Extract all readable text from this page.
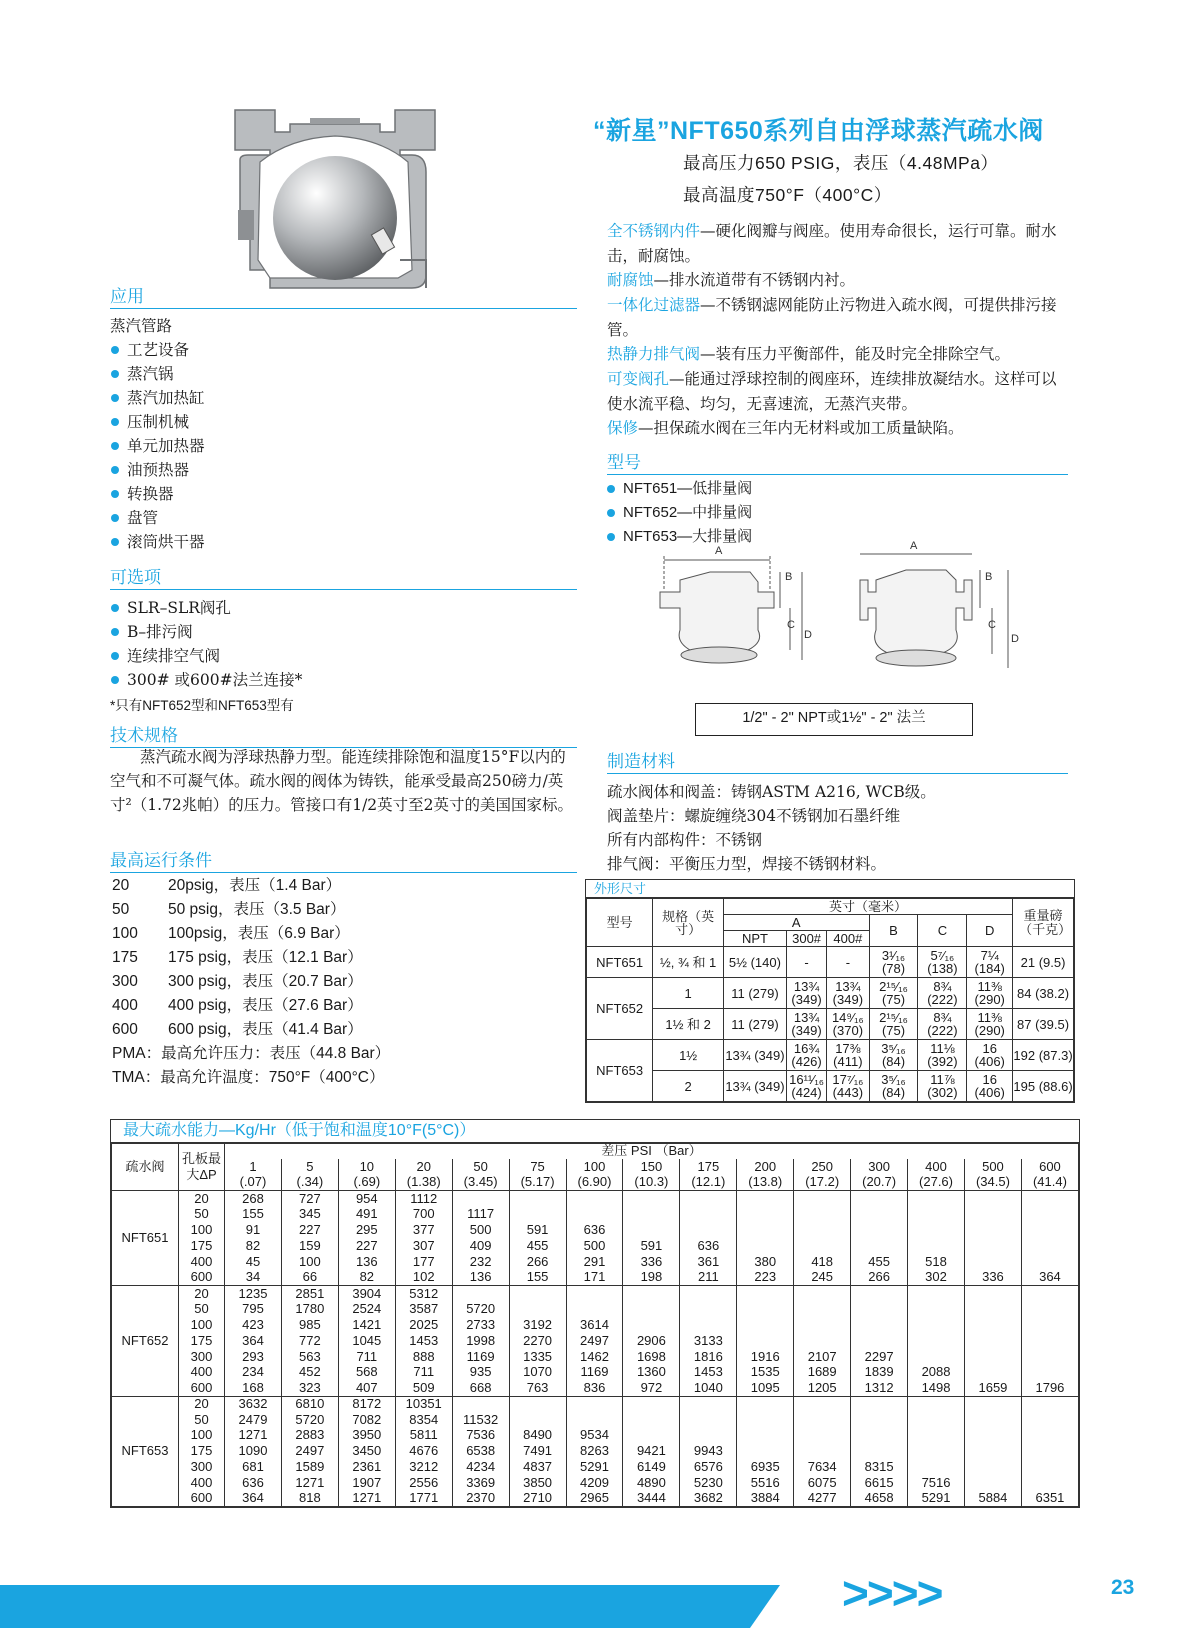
“新星”NFT650系列自由浮球蒸汽疏水阀
最高压力650 PSIG，表压（4.48MPa）
最高温度750°F（400°C）
全不锈钢内件—硬化阀瓣与阀座。使用寿命很长，运行可靠。耐水击，耐腐蚀。
耐腐蚀—排水流道带有不锈钢内衬。
一体化过滤器—不锈钢滤网能防止污物进入疏水阀，可提供排污接管。
热静力排气阀—装有压力平衡部件，能及时完全排除空气。
可变阀孔—能通过浮球控制的阀座环，连续排放凝结水。这样可以使水流平稳、均匀，无喜速流，无蒸汽夹带。
保修—担保疏水阀在三年内无材料或加工质量缺陷。
型号
NFT651—低排量阀
NFT652—中排量阀
NFT653—大排量阀
A	A
B
C
D
B
C
D
1/2" - 2" NPT或1½" - 2" 法兰
制造材料
疏水阀体和阀盖：铸钢ASTM A216, WCB级。
阀盖垫片：螺旋缠绕304不锈钢加石墨纤维
所有内部构件：不锈钢
排气阀：平衡压力型，焊接不锈钢材料。
应用
蒸汽管路
工艺设备
蒸汽锅
蒸汽加热缸
压制机械
单元加热器
油预热器
转换器
盘管
滚筒烘干器
可选项
SLR–SLR阀孔
B–排污阀
连续排空气阀
300# 或600#法兰连接*
*只有NFT652型和NFT653型有
技术规格
蒸汽疏水阀为浮球热静力型。能连续排除饱和温度15°F以内的空气和不可凝气体。疏水阀的阀体为铸铁，能承受最高250磅力/英寸²（1.72兆帕）的压力。管接口有1/2英寸至2英寸的美国国家标。
最高运行条件
20	20psig，表压（1.4 Bar）
50	50 psig，表压（3.5 Bar）
100 100psig，表压（6.9 Bar）
175 175 psig，表压（12.1 Bar）
300 300 psig，表压（20.7 Bar）
400 400 psig，表压（27.6 Bar）
600 600 psig，表压（41.4 Bar）
PMA：最高允许压力：表压（44.8 Bar）
TMA：最高允许温度：750°F（400°C）
外形尺寸
型号	规格（英寸）	英寸（毫米）						重量磅（千克）
		A			B	C	D	
		NPT	300#	400#				
NFT651	½, ¾ 和 1	5½ (140)	-	-	3¹⁄₁₆ (78)	5⁷⁄₁₆ (138)	7¼ (184)	21 (9.5)
NFT652	1	11 (279)	13¾ (349)	13¾ (349)	2¹⁵⁄₁₆ (75)	8¾ (222)	11⅜ (290)	84 (38.2)
	1½ 和 2	11 (279)	13¾ (349)	14⁹⁄₁₆ (370)	2¹⁵⁄₁₆ (75)	8¾ (222)	11⅜ (290)	87 (39.5)
NFT653	1½	13¾ (349)	16¾ (426)	17⅜ (411)	3⁵⁄₁₆ (84)	11⅛ (392)	16 (406)	192 (87.3)
	2	13¾ (349)	16¹¹⁄₁₆ (424)	17⁷⁄₁₆ (443)	3⁵⁄₁₆ (84)	11⅞ (302)	16 (406)	195 (88.6)
最大疏水能力—Kg/Hr（低于饱和温度10°F(5°C)）
疏水阀	孔板最大ΔP	差压 PSI （Bar）														
		1	5	10	20	50	75	100	150	175	200	250	300	400	500	600
		(.07)	(.34)	(.69)	(1.38)	(3.45)	(5.17)	(6.90)	(10.3)	(12.1)	(13.8)	(17.2)	(20.7)	(27.6)	(34.5)	(41.4)
NFT651	20	268	727	954	1112											
	50	155	345	491	700	1117										
	100	91	227	295	377	500	591	636								
	175	82	159	227	307	409	455	500	591	636						
	400	45	100	136	177	232	266	291	336	361	380	418	455	518		
	600	34	66	82	102	136	155	171	198	211	223	245	266	302	336	364
NFT652	20	1235	2851	3904	5312											
	50	795	1780	2524	3587	5720										
	100	423	985	1421	2025	2733	3192	3614								
	175	364	772	1045	1453	1998	2270	2497	2906	3133						
	300	293	563	711	888	1169	1335	1462	1698	1816	1916	2107	2297			
	400	234	452	568	711	935	1070	1169	1360	1453	1535	1689	1839	2088		
	600	168	323	407	509	668	763	836	972	1040	1095	1205	1312	1498	1659	1796
NFT653	20	3632	6810	8172	10351											
	50	2479	5720	7082	8354	11532										
	100	1271	2883	3950	5811	7536	8490	9534								
	175	1090	2497	3450	4676	6538	7491	8263	9421	9943						
	300	681	1589	2361	3212	4234	4837	5291	6149	6576	6935	7634	8315			
	400	636	1271	1907	2556	3369	3850	4209	4890	5230	5516	6075	6615	7516		
	600	364	818	1271	1771	2370	2710	2965	3444	3682	3884	4277	4658	5291	5884	6351
>>>>	23
